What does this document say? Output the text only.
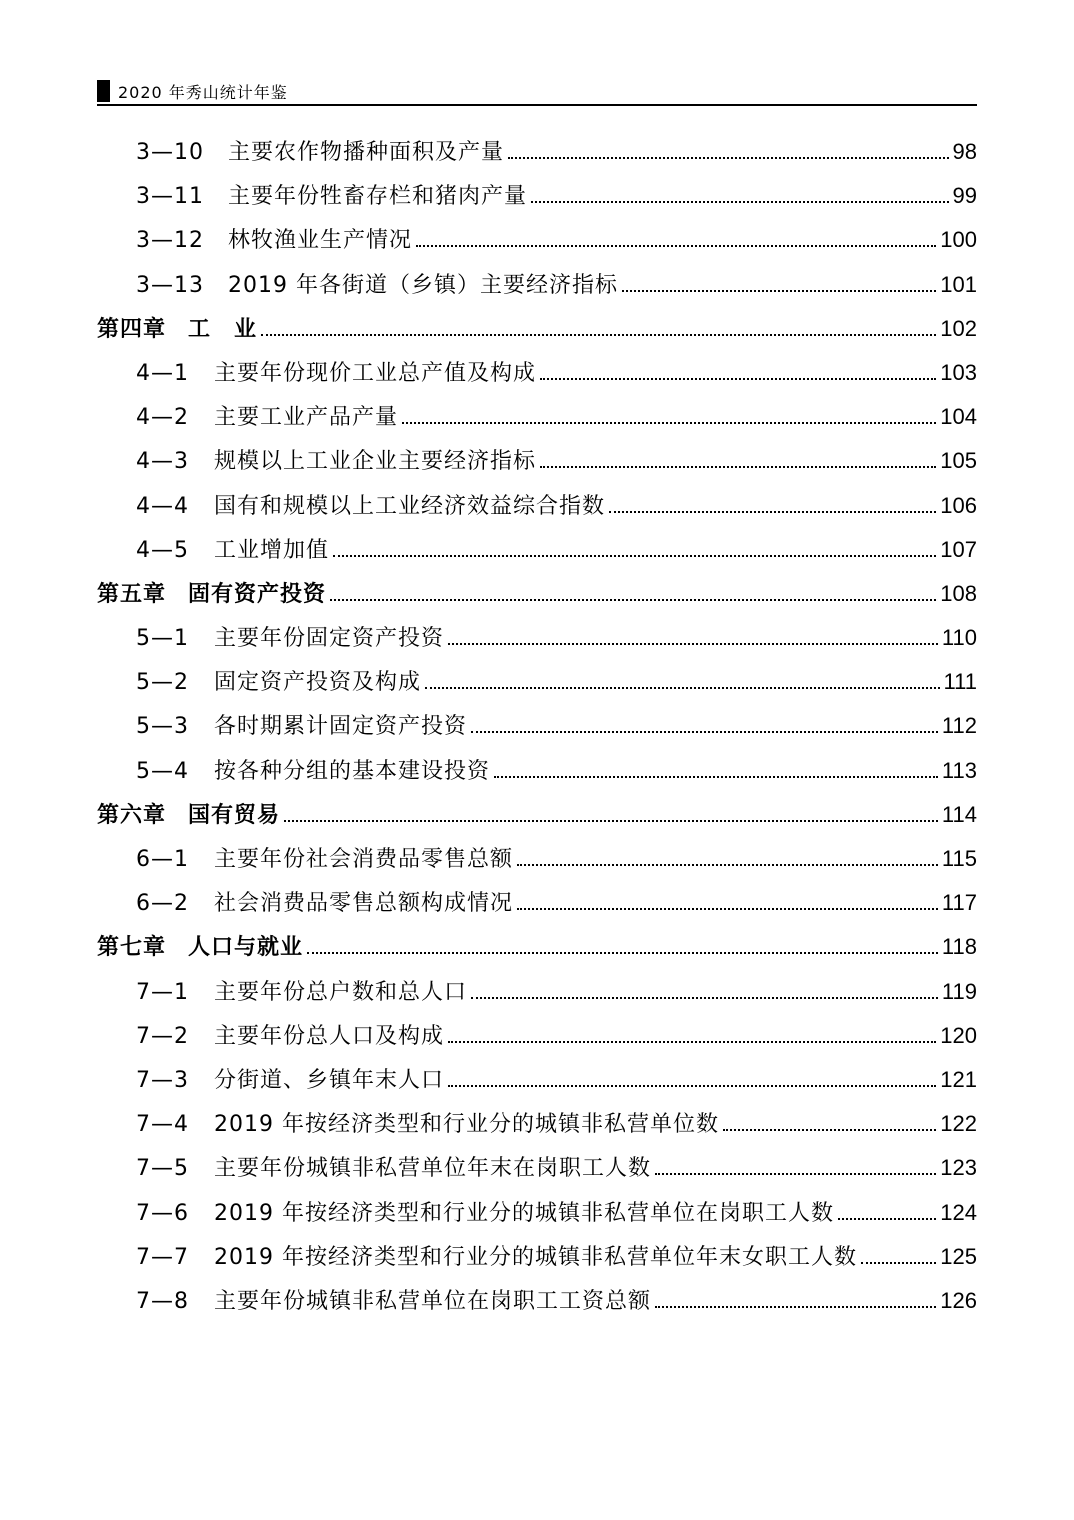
2020 年秀山统计年鉴
3—10	主要农作物播种面积及产量	98
3—11	主要年份牲畜存栏和猪肉产量	99
3—12	林牧渔业生产情况	100
3—13	2019 年各街道（乡镇）主要经济指标	101
第四章 工　业	102
4—1	主要年份现价工业总产值及构成	103
4—2	主要工业产品产量	104
4—3	规模以上工业企业主要经济指标	105
4—4	国有和规模以上工业经济效益综合指数	106
4—5	工业增加值	107
第五章 固有资产投资	108
5—1	主要年份固定资产投资	110
5—2	固定资产投资及构成	111
5—3	各时期累计固定资产投资	112
5—4	按各种分组的基本建设投资	113
第六章 国有贸易	114
6—1	主要年份社会消费品零售总额	115
6—2	社会消费品零售总额构成情况	117
第七章 人口与就业	118
7—1	主要年份总户数和总人口	119
7—2	主要年份总人口及构成	120
7—3	分街道、乡镇年末人口	121
7—4	2019 年按经济类型和行业分的城镇非私营单位数	122
7—5	主要年份城镇非私营单位年末在岗职工人数	123
7—6	2019 年按经济类型和行业分的城镇非私营单位在岗职工人数	124
7—7	2019 年按经济类型和行业分的城镇非私营单位年末女职工人数	125
7—8	主要年份城镇非私营单位在岗职工工资总额	126
